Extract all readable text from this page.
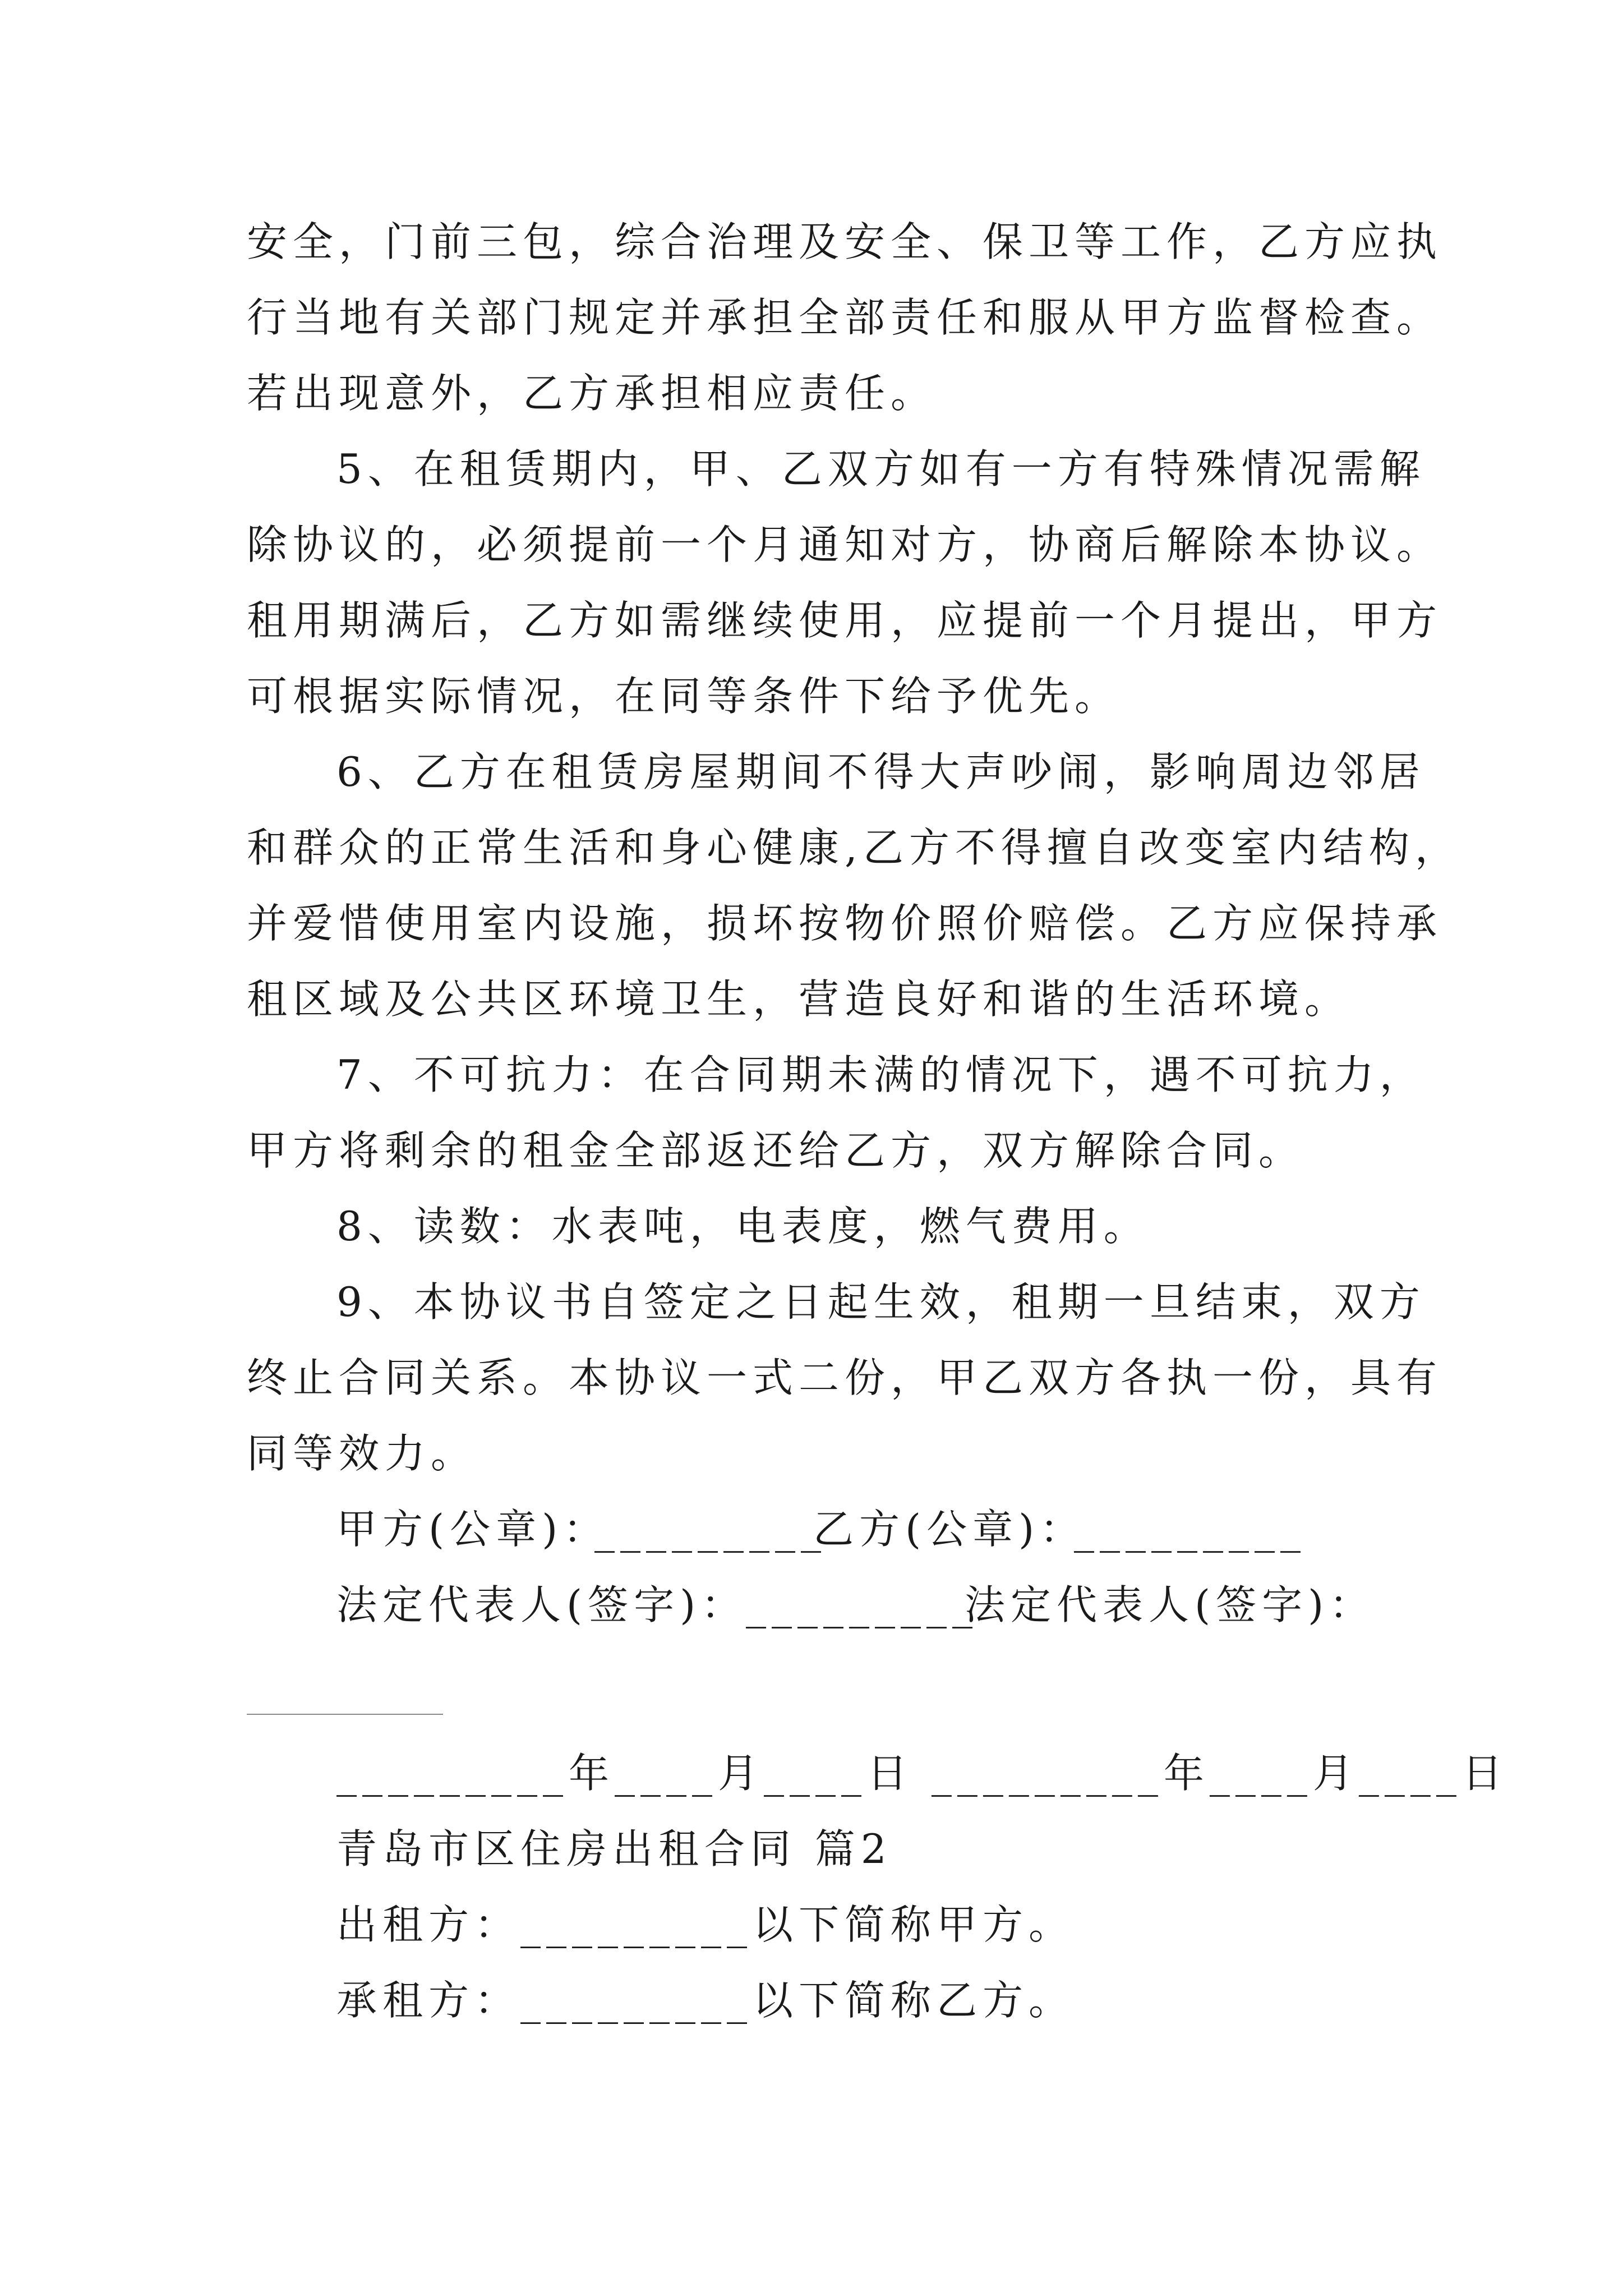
安全，门前三包，综合治理及安全、保卫等工作，乙方应执
行当地有关部门规定并承担全部责任和服从甲方监督检查。
若出现意外，乙方承担相应责任。
5、在租赁期内，甲、乙双方如有一方有特殊情况需解
除协议的，必须提前一个月通知对方，协商后解除本协议。
租用期满后，乙方如需继续使用，应提前一个月提出，甲方
可根据实际情况，在同等条件下给予优先。
6、乙方在租赁房屋期间不得大声吵闹，影响周边邻居
和群众的正常生活和身心健康,乙方不得擅自改变室内结构，
并爱惜使用室内设施，损坏按物价照价赔偿。乙方应保持承
租区域及公共区环境卫生，营造良好和谐的生活环境。
7、不可抗力：在合同期未满的情况下，遇不可抗力，
甲方将剩余的租金全部返还给乙方，双方解除合同。
8、读数：水表吨，电表度，燃气费用。
9、本协议书自签定之日起生效，租期一旦结束，双方
终止合同关系。本协议一式二份，甲乙双方各执一份，具有
同等效力。
甲方(公章)：
_________
乙方(公章)：
_________
法定代表人(签字)：
_________
法定代表人(签字)：
_________年____月____日 _________年____月____日
青岛市区住房出租合同 篇2
出租方：_________以下简称甲方。
承租方：_________以下简称乙方。
